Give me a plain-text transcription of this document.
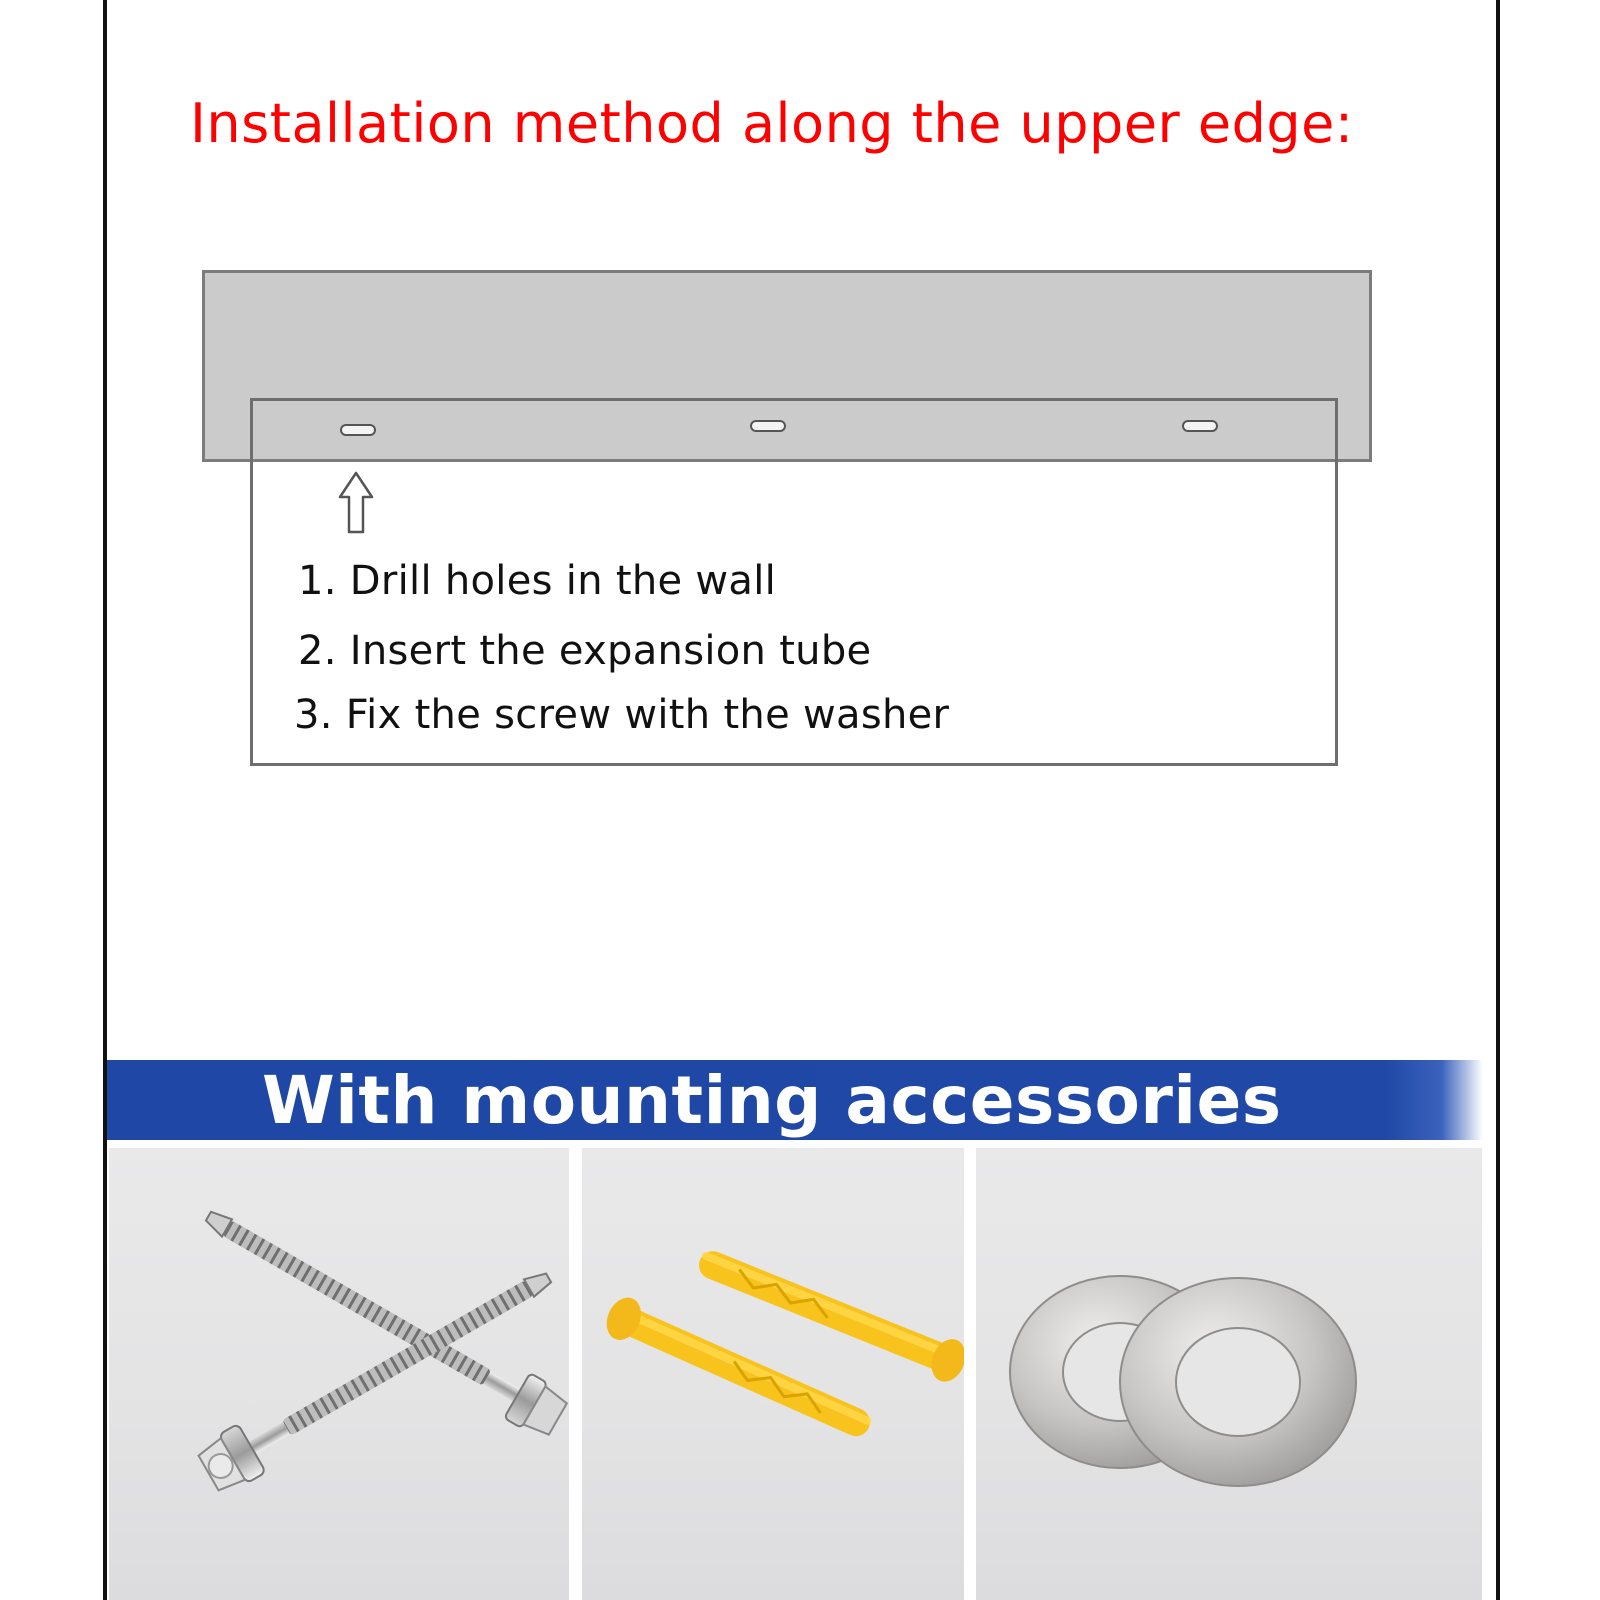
Installation method along the upper edge:

1. Drill holes in the wall

2. Insert the expansion tube

3. Fix the screw with the washer

With mounting accessories
